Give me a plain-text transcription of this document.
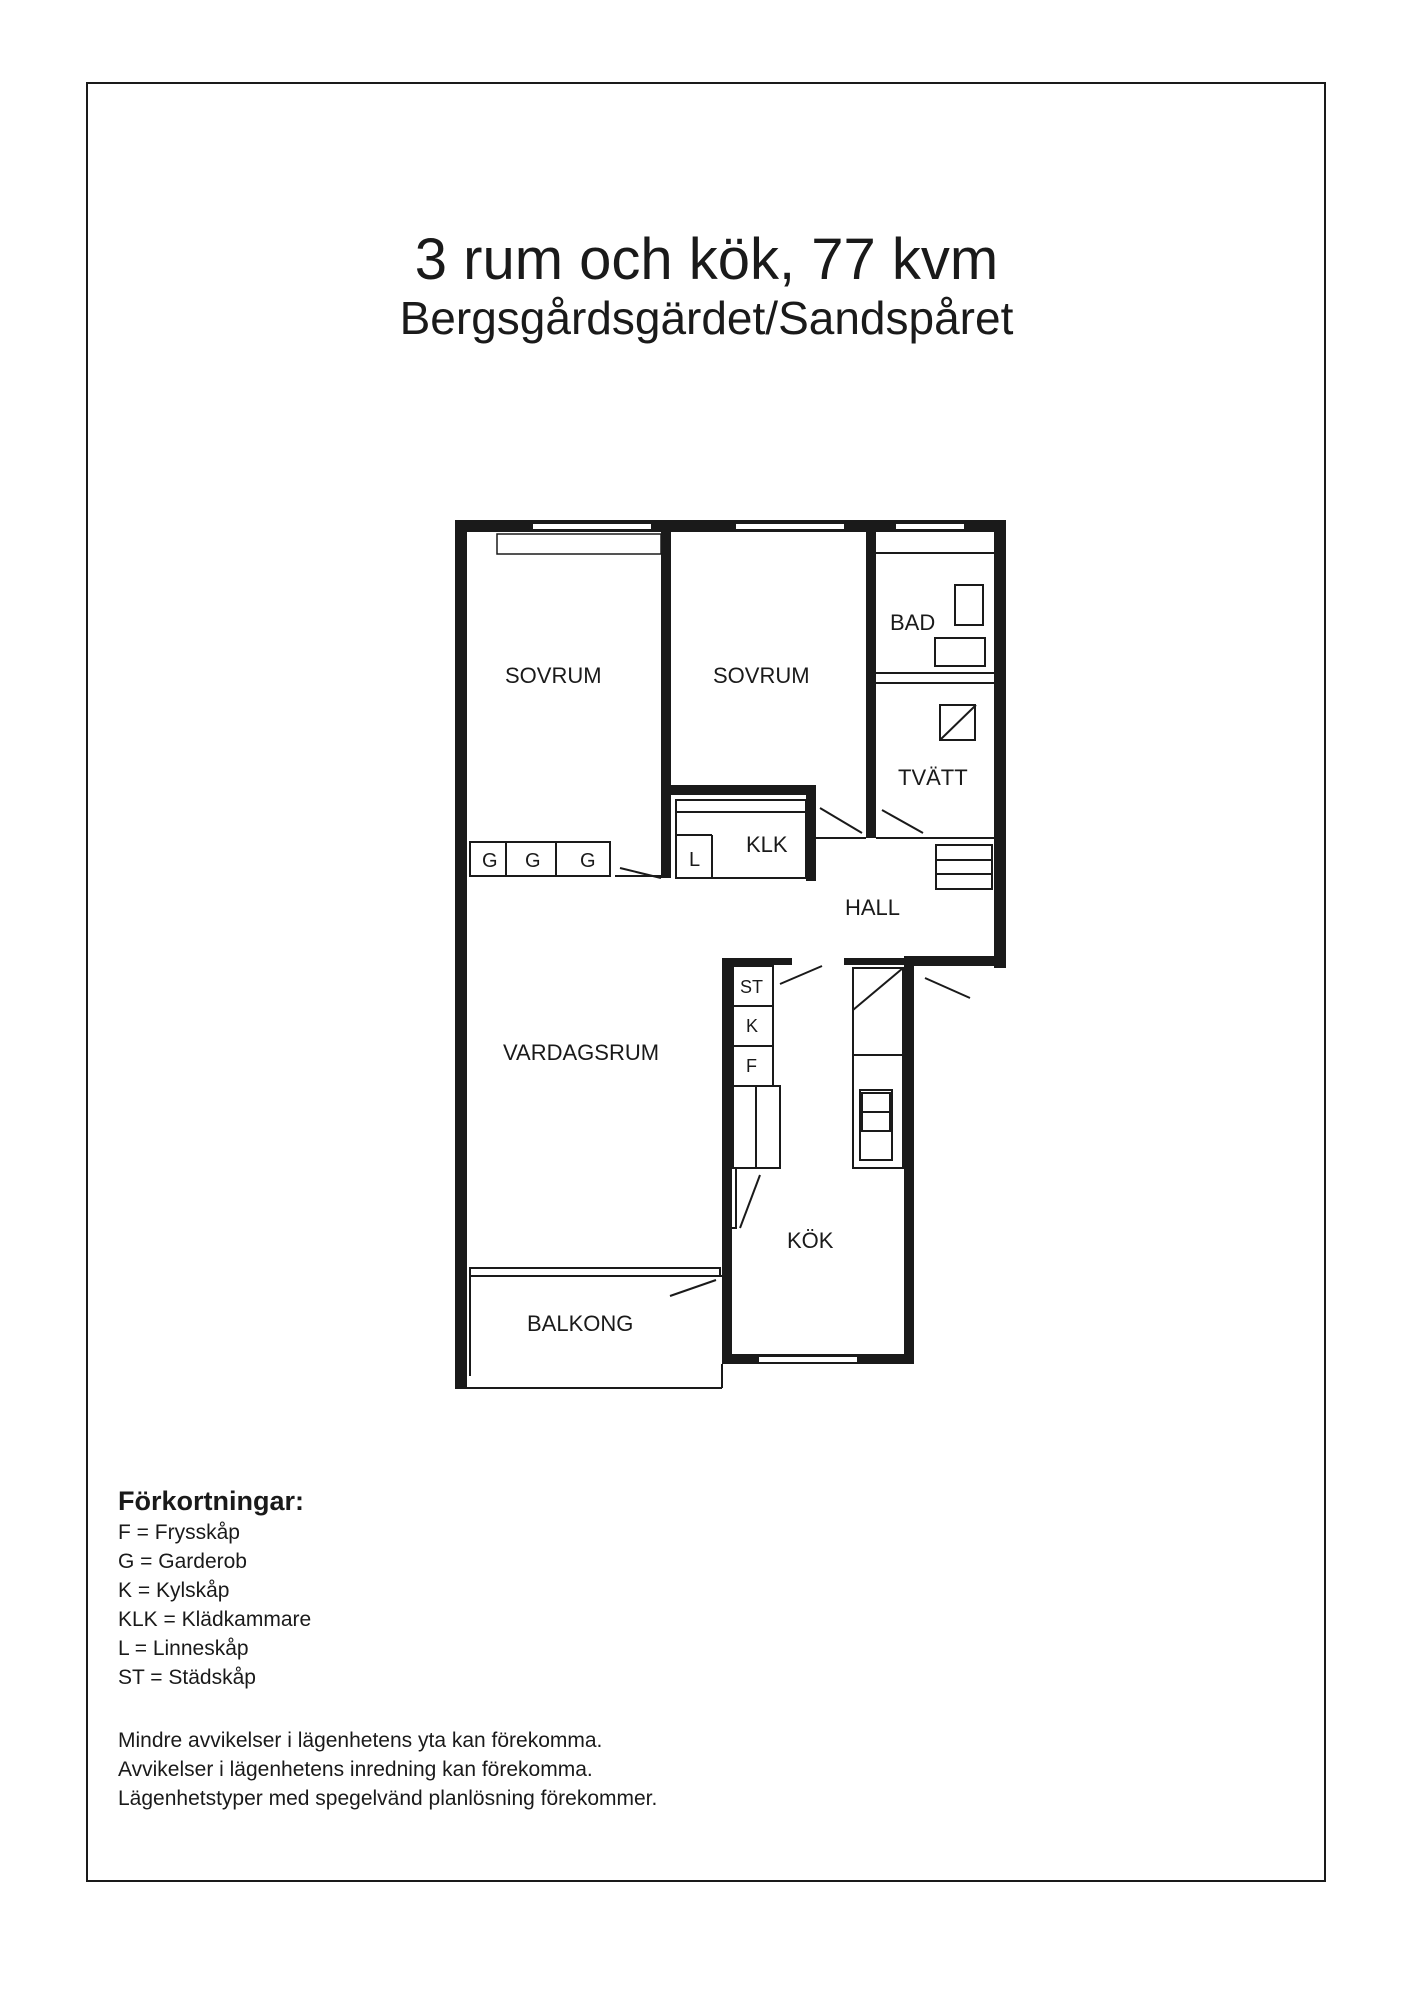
3 rum och kök, 77 kvm
Bergsgårdsgärdet/Sandspåret
SOVRUM	SOVRUM
BAD
TVÄTT
KLK
L
HALL
VARDAGSRUM
KÖK
BALKONG
G G G
ST
K
F
Förkortningar:
F = Frysskåp
G = Garderob
K = Kylskåp
KLK = Klädkammare
L = Linneskåp
ST = Städskåp
Mindre avvikelser i lägenhetens yta kan förekomma.
Avvikelser i lägenhetens inredning kan förekomma.
Lägenhetstyper med spegelvänd planlösning förekommer.
